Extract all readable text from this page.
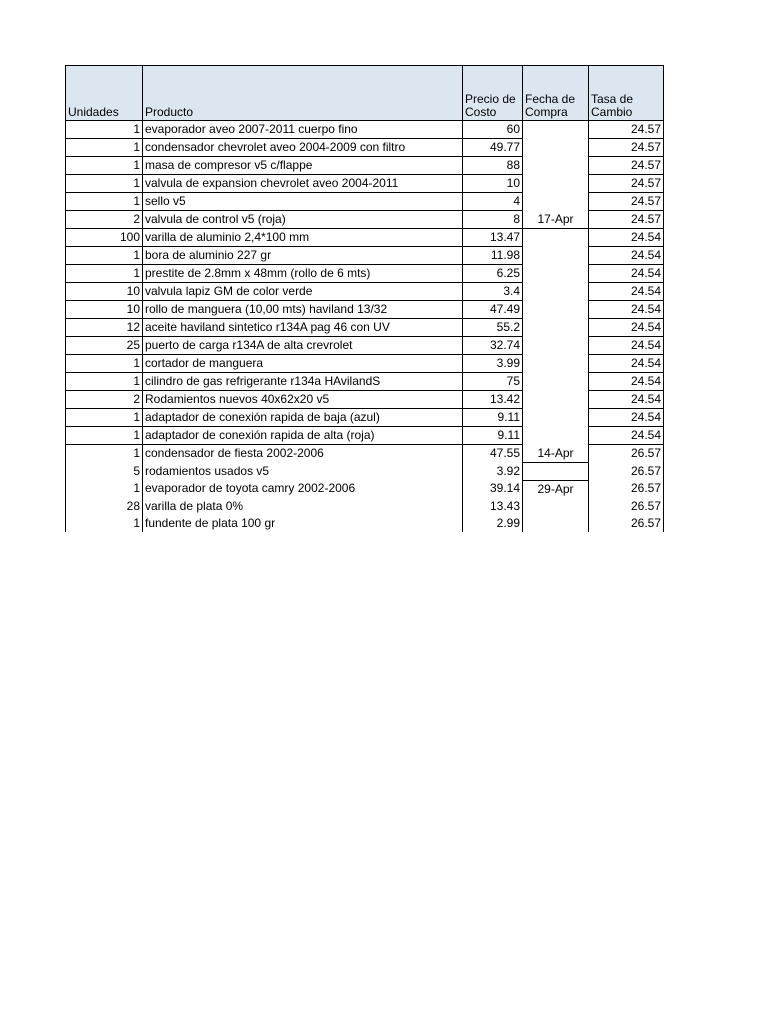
Unidades	Producto	Precio de Costo	Fecha de Compra	Tasa de Cambio
1	evaporador aveo 2007-2011 cuerpo fino	60		24.57
1	condensador chevrolet aveo 2004-2009 con filtro	49.77		24.57
1	masa de compresor v5 c/flappe	88		24.57
1	valvula de expansion chevrolet aveo 2004-2011	10		24.57
1	sello v5	4		24.57
2	valvula de control v5 (roja)	8	17-Apr	24.57
100	varilla de aluminio 2,4*100 mm	13.47		24.54
1	bora de aluminio 227 gr	11.98		24.54
1	prestite de 2.8mm x 48mm (rollo de 6 mts)	6.25		24.54
10	valvula lapiz GM de color verde	3.4		24.54
10	rollo de manguera (10,00 mts) haviland 13/32	47.49		24.54
12	aceite haviland sintetico r134A pag 46 con UV	55.2		24.54
25	puerto de carga r134A de alta crevrolet	32.74		24.54
1	cortador de manguera	3.99		24.54
1	cilindro de gas refrigerante r134a HAvilandS	75		24.54
2	Rodamientos nuevos 40x62x20 v5	13.42		24.54
1	adaptador de conexión rapida de baja (azul)	9.11		24.54
1	adaptador de conexión rapida de alta (roja)	9.11		24.54
1	condensador de fiesta 2002-2006	47.55	14-Apr	26.57
5	rodamientos usados v5	3.92		26.57
1	evaporador de toyota camry 2002-2006	39.14	29-Apr	26.57
28	varilla de plata 0%	13.43		26.57
1	fundente de plata 100 gr	2.99		26.57
